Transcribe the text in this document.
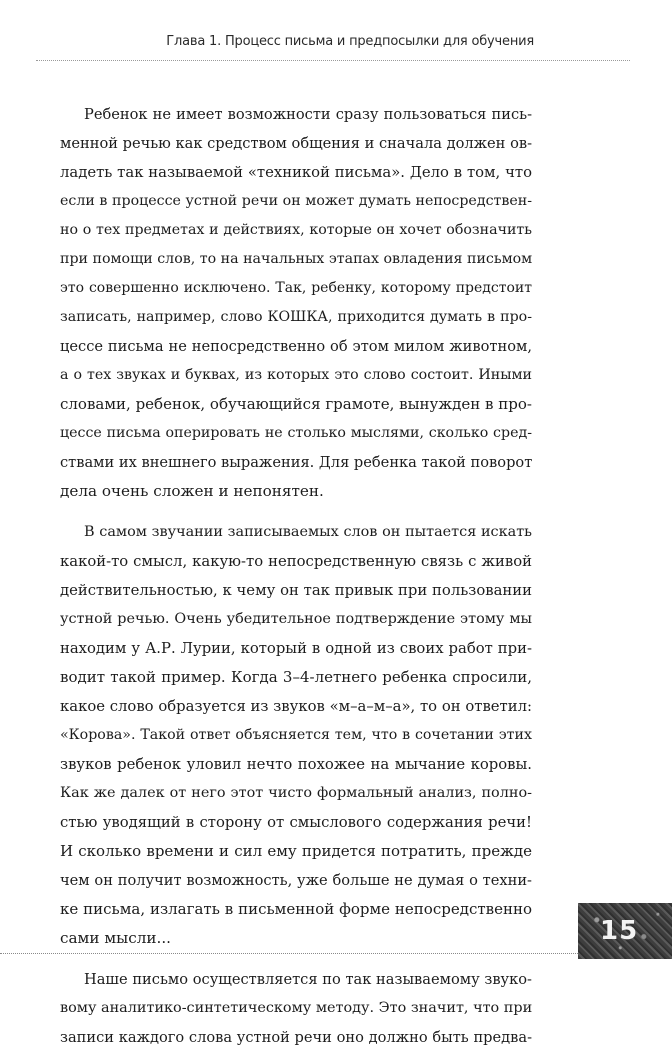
Глава 1. Процесс письма и предпосылки для обучения

Ребенок не имеет возможности сразу пользоваться пись-
менной речью как средством общения и сначала должен ов-
ладеть так называемой «техникой письма». Дело в том, что
если в процессе устной речи он может думать непосредствен-
но о тех предметах и действиях, которые он хочет обозначить
при помощи слов, то на начальных этапах овладения письмом
это совершенно исключено. Так, ребенку, которому предстоит
записать, например, слово КОШКА, приходится думать в про-
цессе письма не непосредственно об этом милом животном,
а о тех звуках и буквах, из которых это слово состоит. Иными
словами, ребенок, обучающийся грамоте, вынужден в про-
цессе письма оперировать не столько мыслями, сколько сред-
ствами их внешнего выражения. Для ребенка такой поворот
дела очень сложен и непонятен.

В самом звучании записываемых слов он пытается искать
какой-то смысл, какую-то непосредственную связь с живой
действительностью, к чему он так привык при пользовании
устной речью. Очень убедительное подтверждение этому мы
находим у А.Р. Лурии, который в одной из своих работ при-
водит такой пример. Когда 3–4-летнего ребенка спросили,
какое слово образуется из звуков «м–а–м–а», то он ответил:
«Корова». Такой ответ объясняется тем, что в сочетании этих
звуков ребенок уловил нечто похожее на мычание коровы.
Как же далек от него этот чисто формальный анализ, полно-
стью уводящий в сторону от смыслового содержания речи!
И сколько времени и сил ему придется потратить, прежде
чем он получит возможность, уже больше не думая о техни-
ке письма, излагать в письменной форме непосредственно
сами мысли...

Наше письмо осуществляется по так называемому звуко-
вому аналитико-синтетическому методу. Это значит, что при
записи каждого слова устной речи оно должно быть предва-

15
